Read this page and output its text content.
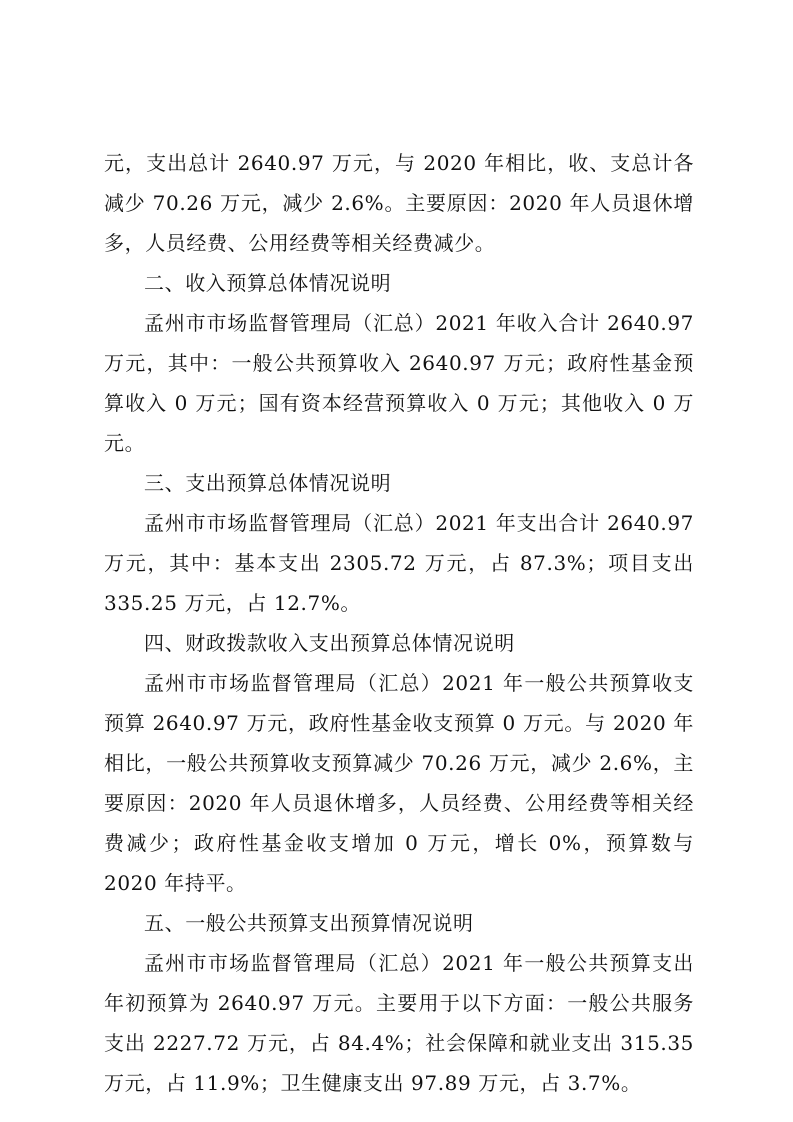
元，支出总计 2640.97 万元，与 2020 年相比，收、支总计各减少 70.26 万元，减少 2.6%。主要原因：2020 年人员退休增多，人员经费、公用经费等相关经费减少。

二、收入预算总体情况说明

孟州市市场监督管理局（汇总）2021 年收入合计 2640.97 万元，其中：一般公共预算收入 2640.97 万元；政府性基金预算收入 0 万元；国有资本经营预算收入 0 万元；其他收入 0 万元。

三、支出预算总体情况说明

孟州市市场监督管理局（汇总）2021 年支出合计 2640.97 万元，其中：基本支出 2305.72 万元，占 87.3%；项目支出 335.25 万元，占 12.7%。

四、财政拨款收入支出预算总体情况说明

孟州市市场监督管理局（汇总）2021 年一般公共预算收支预算 2640.97 万元，政府性基金收支预算 0 万元。与 2020 年相比，一般公共预算收支预算减少 70.26 万元，减少 2.6%，主要原因：2020 年人员退休增多，人员经费、公用经费等相关经费减少；政府性基金收支增加 0 万元，增长 0%，预算数与 2020 年持平。

五、一般公共预算支出预算情况说明

孟州市市场监督管理局（汇总）2021 年一般公共预算支出年初预算为 2640.97 万元。主要用于以下方面：一般公共服务支出 2227.72 万元，占 84.4%；社会保障和就业支出 315.35 万元，占 11.9%；卫生健康支出 97.89 万元，占 3.7%。
